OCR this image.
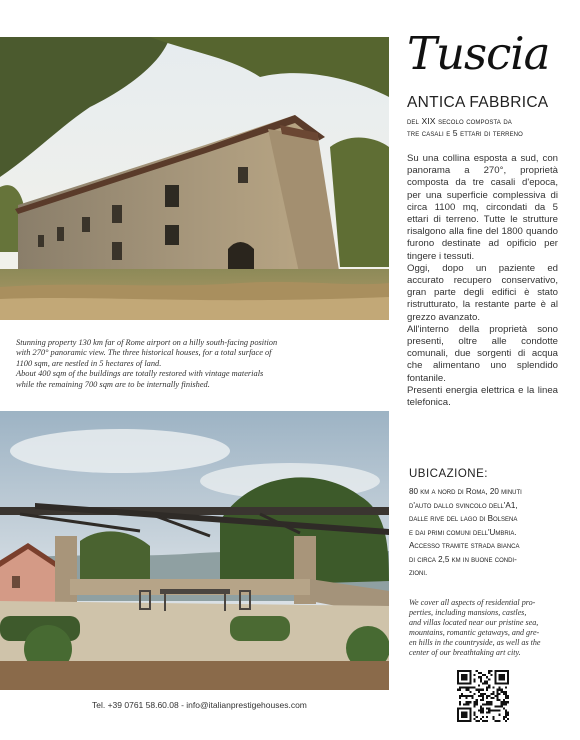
Stunning property 130 km far of Rome airport on a hilly south-facing position
with 270° panoramic view. The three historical houses, for a total surface of
1100 sqm, are nestled in 5 hectares of land.
About 400 sqm of the buildings are totally restored with vintage materials
while the remaining 700 sqm are to be internally finished.
Tuscia
ANTICA FABBRICA
del XIX secolo composta da
tre casali e 5 ettari di terreno

Su una collina esposta a sud, con panorama a 270°, proprietà composta da tre casali d'epoca, per una superficie complessiva di circa 1100 mq, circondati da 5 ettari di terreno. Tutte le strutture risalgono alla fine del 1800 quando furono destinate ad opificio per tingere i tessuti.

Oggi, dopo un paziente ed accurato recupero conservativo, gran parte degli edifici è stato ristrutturato, la restante parte è al grezzo avanzato.

All'interno della proprietà sono presenti, oltre alle condotte comunali, due sorgenti di acqua che alimentano uno splendido fontanile.

Presenti energia elettrica e la linea telefonica.

UBICAZIONE:
80 km a nord di Roma, 20 minuti
d'auto dallo svincolo dell'A1,
dalle rive del lago di Bolsena
e dai primi comuni dell'Umbria.
Accesso tramite strada bianca
di circa 2,5 km in buone condi-
zioni.
We cover all aspects of residential pro-
perties, including mansions, castles,
and villas located near our pristine sea,
mountains, romantic getaways, and gre-
en hills in the countryside, as well as the
center of our breathtaking art city.
Tel. +39 0761 58.60.08 - info@italianprestigehouses.com
